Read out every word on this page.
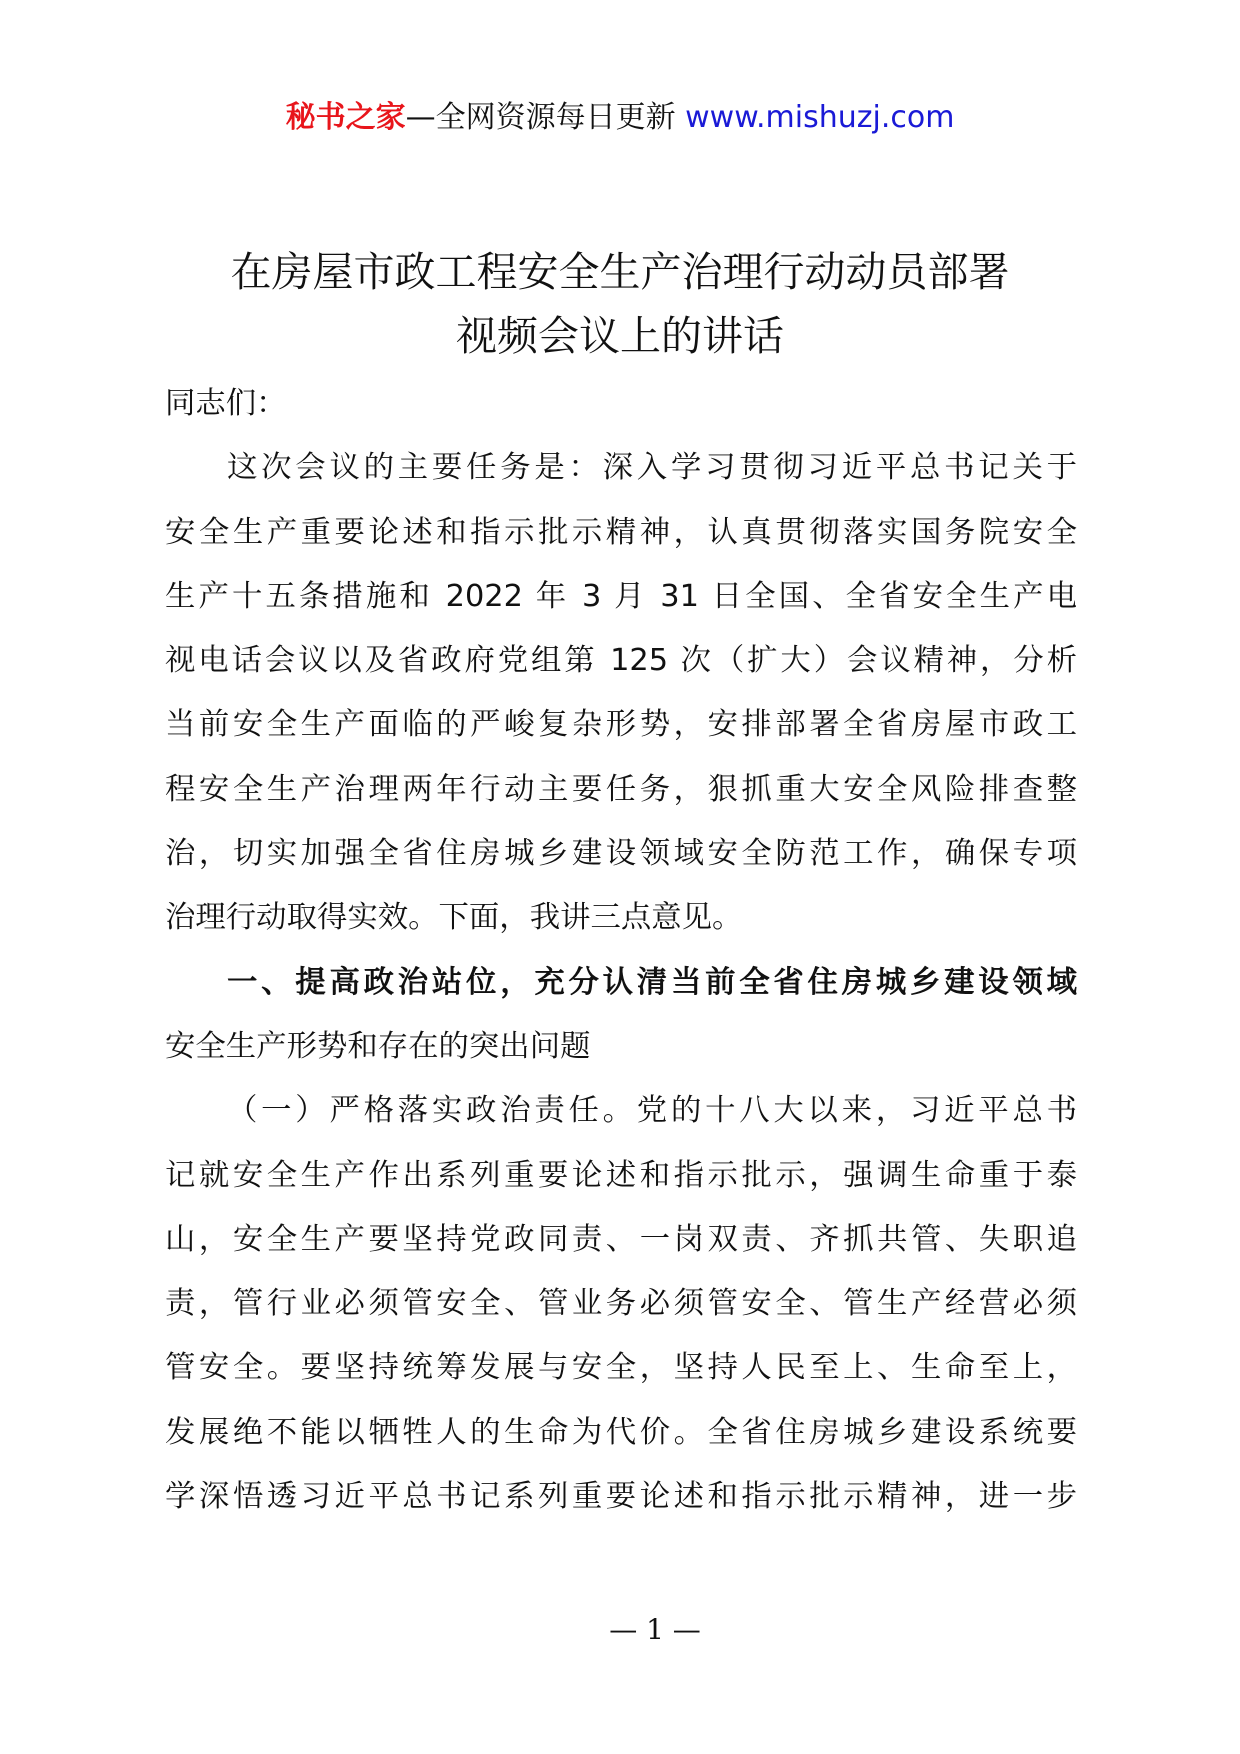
秘书之家—全网资源每日更新 www.mishuzj.com
在房屋市政工程安全生产治理行动动员部署
视频会议上的讲话
同志们：
这次会议的主要任务是：深入学习贯彻习近平总书记关于
安全生产重要论述和指示批示精神，认真贯彻落实国务院安全
生产十五条措施和 2022 年 3 月 31 日全国、全省安全生产电
视电话会议以及省政府党组第 125 次（扩大）会议精神，分析
当前安全生产面临的严峻复杂形势，安排部署全省房屋市政工
程安全生产治理两年行动主要任务，狠抓重大安全风险排查整
治，切实加强全省住房城乡建设领域安全防范工作，确保专项
治理行动取得实效。下面，我讲三点意见。
一、提高政治站位，充分认清当前全省住房城乡建设领域
安全生产形势和存在的突出问题
（一）严格落实政治责任。党的十八大以来，习近平总书
记就安全生产作出系列重要论述和指示批示，强调生命重于泰
山，安全生产要坚持党政同责、一岗双责、齐抓共管、失职追
责，管行业必须管安全、管业务必须管安全、管生产经营必须
管安全。要坚持统筹发展与安全，坚持人民至上、生命至上，
发展绝不能以牺牲人的生命为代价。全省住房城乡建设系统要
学深悟透习近平总书记系列重要论述和指示批示精神，进一步
— 1 —
